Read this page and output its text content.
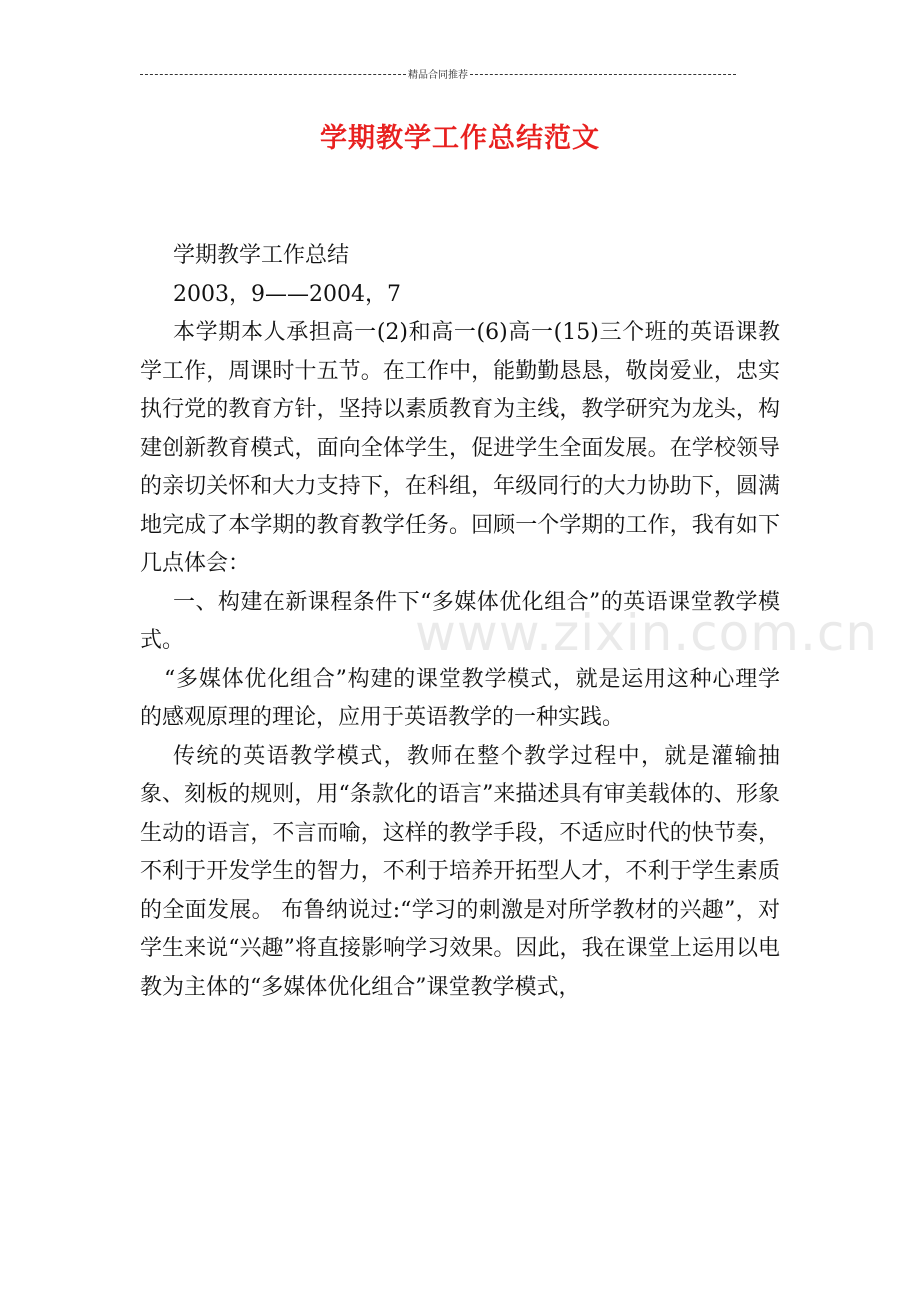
精品合同推荐
学期教学工作总结范文
www.zixin.com.cn

学期教学工作总结

2003，9——2004，7

本学期本人承担高一(2)和高一(6)高一(15)三个班的英语课教学工作，周课时十五节。在工作中，能勤勤恳恳，敬岗爱业，忠实执行党的教育方针，坚持以素质教育为主线，教学研究为龙头，构建创新教育模式，面向全体学生，促进学生全面发展。在学校领导的亲切关怀和大力支持下，在科组，年级同行的大力协助下，圆满地完成了本学期的教育教学任务。回顾一个学期的工作，我有如下几点体会：

一、构建在新课程条件下“多媒体优化组合”的英语课堂教学模式。

“多媒体优化组合”构建的课堂教学模式，就是运用这种心理学的感观原理的理论，应用于英语教学的一种实践。

传统的英语教学模式，教师在整个教学过程中，就是灌输抽象、刻板的规则，用“条款化的语言”来描述具有审美载体的、形象生动的语言，不言而喻，这样的教学手段，不适应时代的快节奏，不利于开发学生的智力，不利于培养开拓型人才，不利于学生素质的全面发展。 布鲁纳说过:“学习的刺激是对所学教材的兴趣”，对学生来说“兴趣”将直接影响学习效果。因此，我在课堂上运用以电教为主体的“多媒体优化组合”课堂教学模式，
